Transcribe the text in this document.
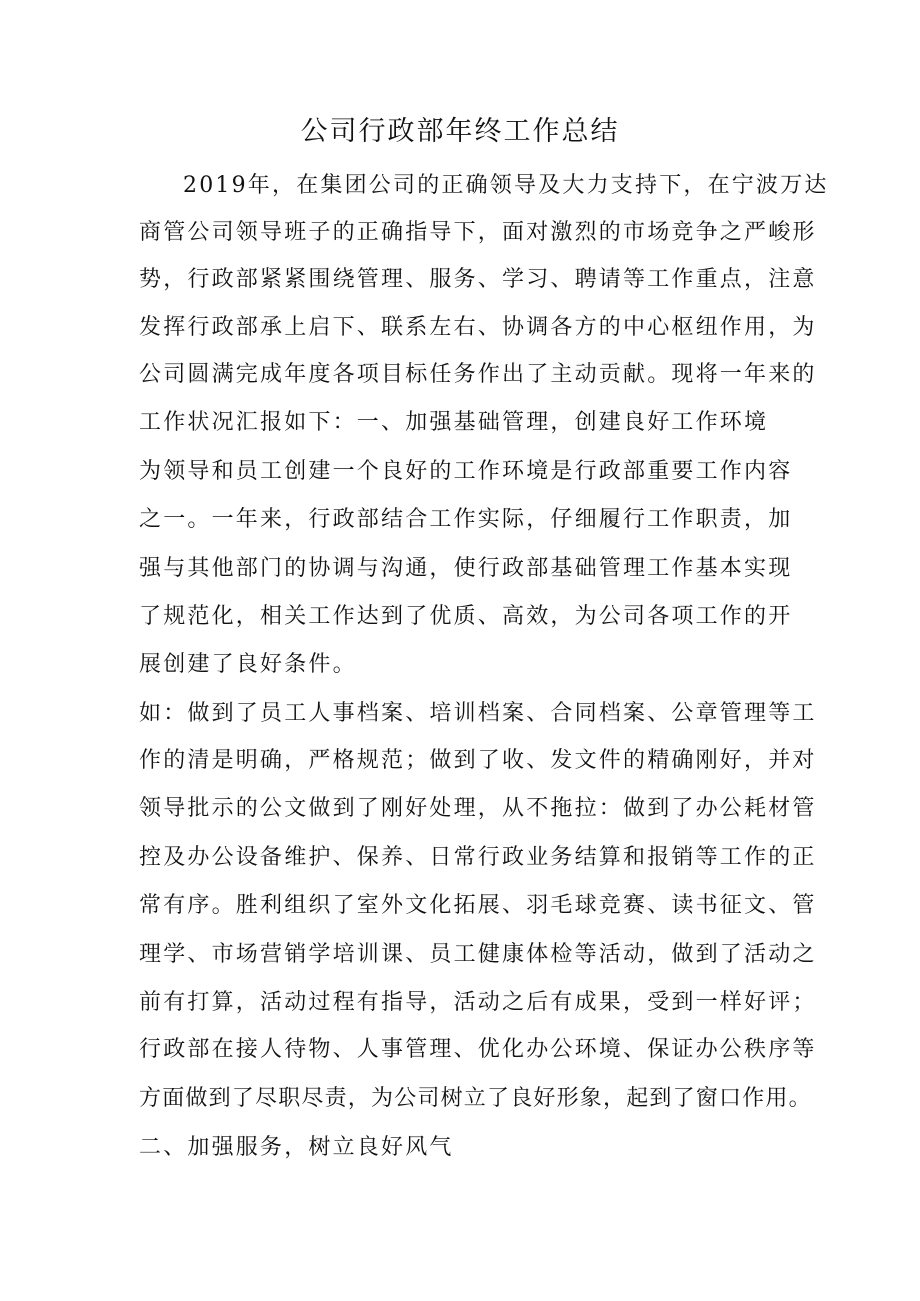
公司行政部年终工作总结
2019年，在集团公司的正确领导及大力支持下，在宁波万达
商管公司领导班子的正确指导下，面对激烈的市场竞争之严峻形
势，行政部紧紧围绕管理、服务、学习、聘请等工作重点，注意
发挥行政部承上启下、联系左右、协调各方的中心枢纽作用，为
公司圆满完成年度各项目标任务作出了主动贡献。现将一年来的
工作状况汇报如下：一、加强基础管理，创建良好工作环境
为领导和员工创建一个良好的工作环境是行政部重要工作内容
之一。一年来，行政部结合工作实际，仔细履行工作职责，加
强与其他部门的协调与沟通，使行政部基础管理工作基本实现
了规范化，相关工作达到了优质、高效，为公司各项工作的开
展创建了良好条件。
如：做到了员工人事档案、培训档案、合同档案、公章管理等工
作的清是明确，严格规范；做到了收、发文件的精确刚好，并对
领导批示的公文做到了刚好处理，从不拖拉：做到了办公耗材管
控及办公设备维护、保养、日常行政业务结算和报销等工作的正
常有序。胜利组织了室外文化拓展、羽毛球竞赛、读书征文、管
理学、市场营销学培训课、员工健康体检等活动，做到了活动之
前有打算，活动过程有指导，活动之后有成果，受到一样好评；
行政部在接人待物、人事管理、优化办公环境、保证办公秩序等
方面做到了尽职尽责，为公司树立了良好形象，起到了窗口作用。
二、加强服务，树立良好风气
